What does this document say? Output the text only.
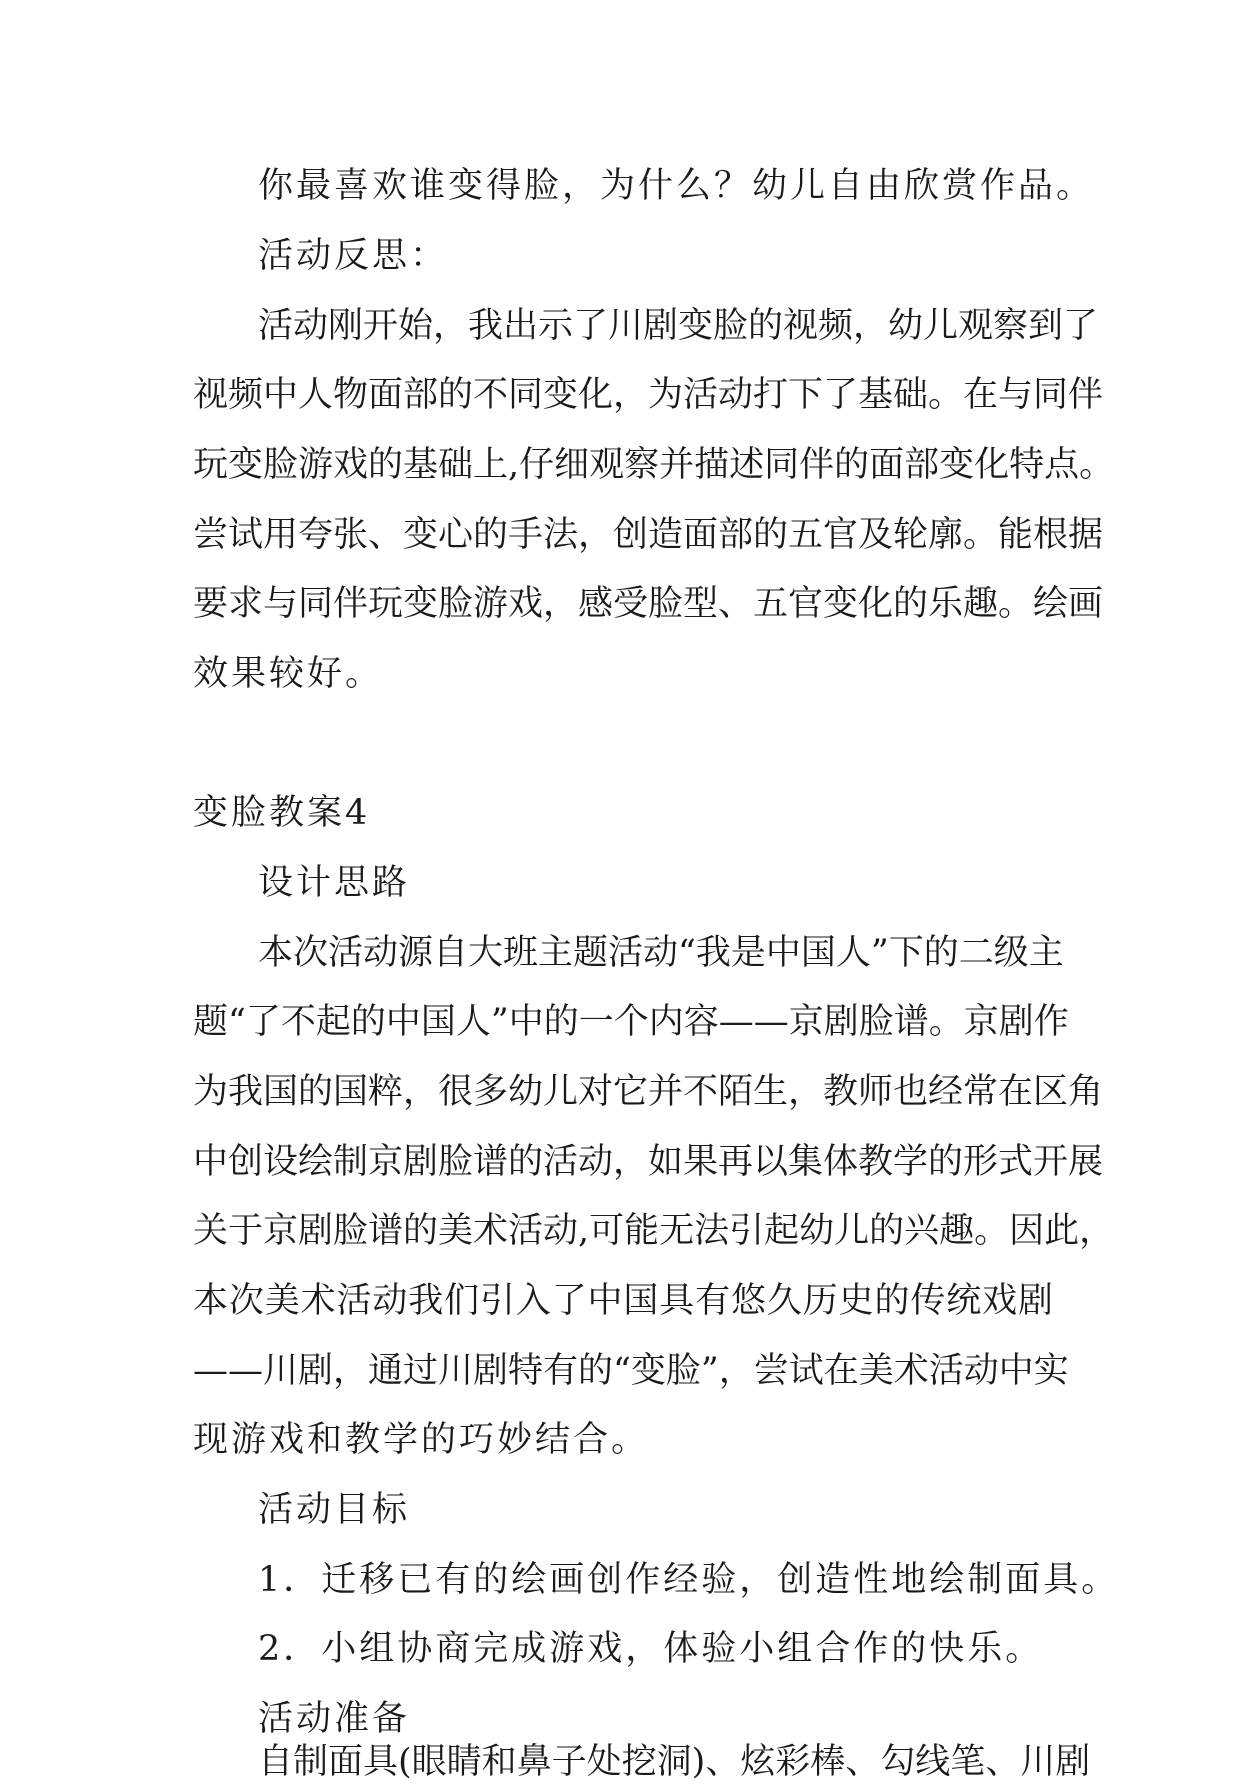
你最喜欢谁变得脸，为什么？幼儿自由欣赏作品。
活动反思：
活动刚开始，我出示了川剧变脸的视频，幼儿观察到了
视频中人物面部的不同变化，为活动打下了基础。在与同伴
玩变脸游戏的基础上,仔细观察并描述同伴的面部变化特点。
尝试用夸张、变心的手法，创造面部的五官及轮廓。能根据
要求与同伴玩变脸游戏，感受脸型、五官变化的乐趣。绘画
效果较好。
变脸教案4
设计思路
本次活动源自大班主题活动“我是中国人”下的二级主
题“了不起的中国人”中的一个内容——京剧脸谱。京剧作
为我国的国粹，很多幼儿对它并不陌生，教师也经常在区角
中创设绘制京剧脸谱的活动，如果再以集体教学的形式开展
关于京剧脸谱的美术活动,可能无法引起幼儿的兴趣。因此，
本次美术活动我们引入了中国具有悠久历史的传统戏剧
——川剧，通过川剧特有的“变脸”，尝试在美术活动中实
现游戏和教学的巧妙结合。
活动目标
1．迁移已有的绘画创作经验，创造性地绘制面具。
2．小组协商完成游戏，体验小组合作的快乐。
活动准备
自制面具(眼睛和鼻子处挖洞)、炫彩棒、勾线笔、川剧
